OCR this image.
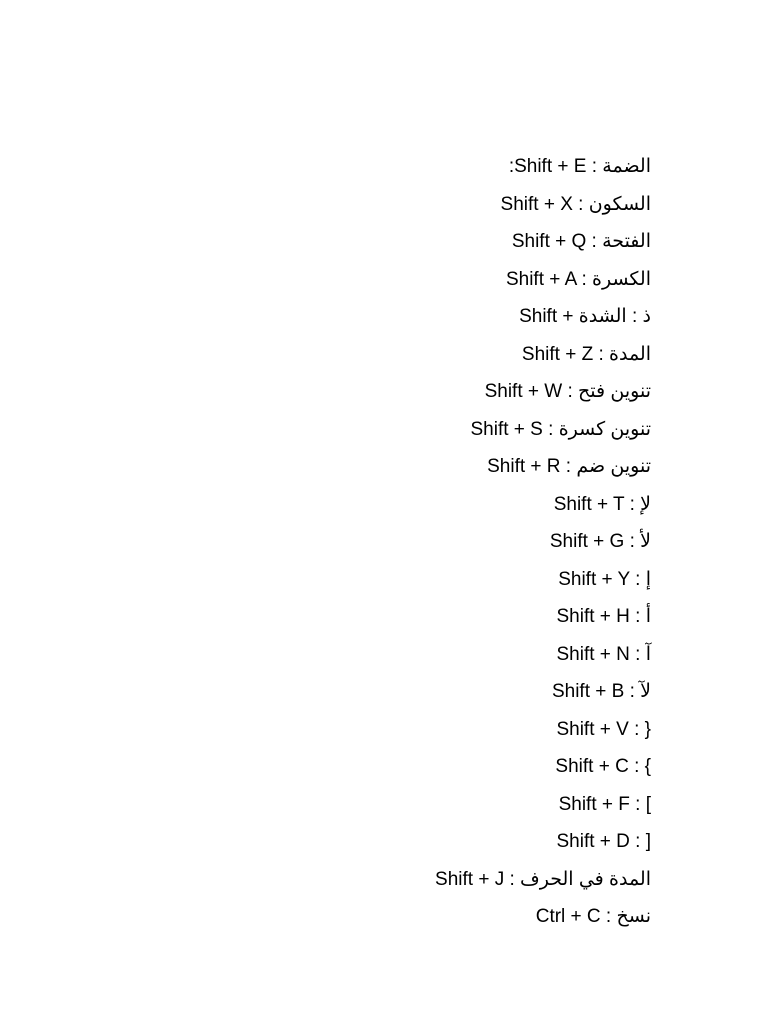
:Shift + E : الضمة
Shift + X : السكون
Shift + Q : الفتحة
Shift + A : الكسرة
Shift + ذ : الشدة
Shift + Z : المدة
Shift + W : تنوين فتح
Shift + S : تنوين كسرة
Shift + R : تنوين ضم
Shift + T : لإ
Shift + G : لأ
Shift + Y : إ
Shift + H : أ
Shift + N : آ
Shift + B : لآ
Shift + V : }
Shift + C : {
Shift + F : [
Shift + D : ]
Shift + J : المدة في الحرف
Ctrl + C : نسخ
